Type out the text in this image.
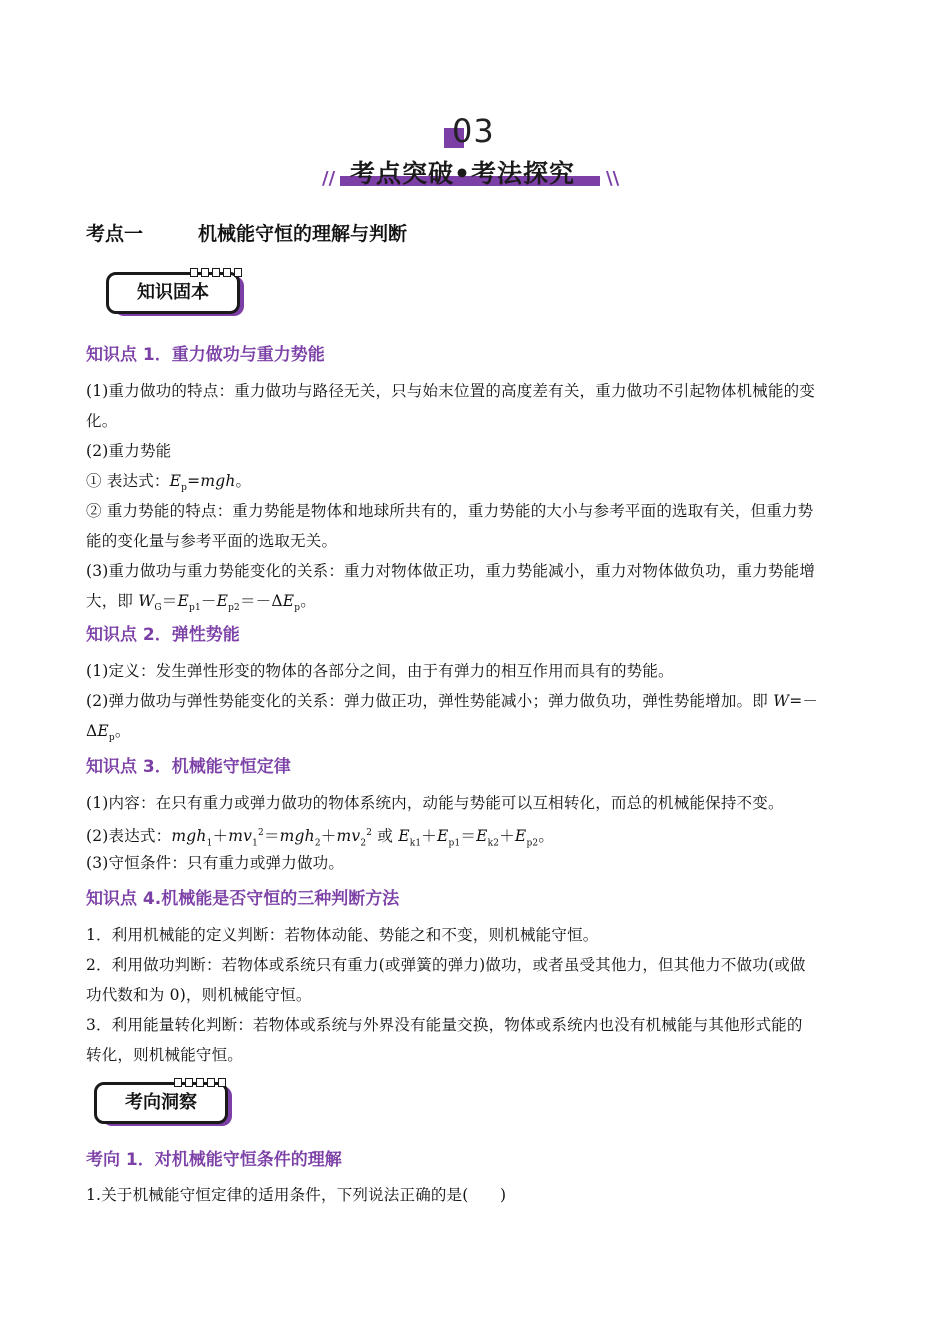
03
//	\\
考点突破•考法探究
考点一	机械能守恒的理解与判断
知识固本
知识点 1．重力做功与重力势能
(1)重力做功的特点：重力做功与路径无关，只与始末位置的高度差有关，重力做功不引起物体机械能的变
化。
(2)重力势能
① 表达式：$E_p=mgh$。
② 重力势能的特点：重力势能是物体和地球所共有的，重力势能的大小与参考平面的选取有关，但重力势
能的变化量与参考平面的选取无关。
(3)重力做功与重力势能变化的关系：重力对物体做正功，重力势能减小，重力对物体做负功，重力势能增
大，即 $W_G=E_{p1}-E_{p2}=-\Delta E_p$。
知识点 2．弹性势能
(1)定义：发生弹性形变的物体的各部分之间，由于有弹力的相互作用而具有的势能。
(2)弹力做功与弹性势能变化的关系：弹力做正功，弹性势能减小；弹力做负功，弹性势能增加。即 W=－
$\Delta E_p$。
知识点 3．机械能守恒定律
(1)内容：在只有重力或弹力做功的物体系统内，动能与势能可以互相转化，而总的机械能保持不变。
(2)表达式：$mgh_1+mv_1^2=mgh_2+mv_2^2$ 或 $E_{k1}+E_{p1}=E_{k2}+E_{p2}$。
(3)守恒条件：只有重力或弹力做功。
知识点 4.机械能是否守恒的三种判断方法
1．利用机械能的定义判断：若物体动能、势能之和不变，则机械能守恒。
2．利用做功判断：若物体或系统只有重力(或弹簧的弹力)做功，或者虽受其他力，但其他力不做功(或做
功代数和为 0)，则机械能守恒。
3．利用能量转化判断：若物体或系统与外界没有能量交换，物体或系统内也没有机械能与其他形式能的
转化，则机械能守恒。
考向洞察
考向 1．对机械能守恒条件的理解
1.关于机械能守恒定律的适用条件，下列说法正确的是(　　)
